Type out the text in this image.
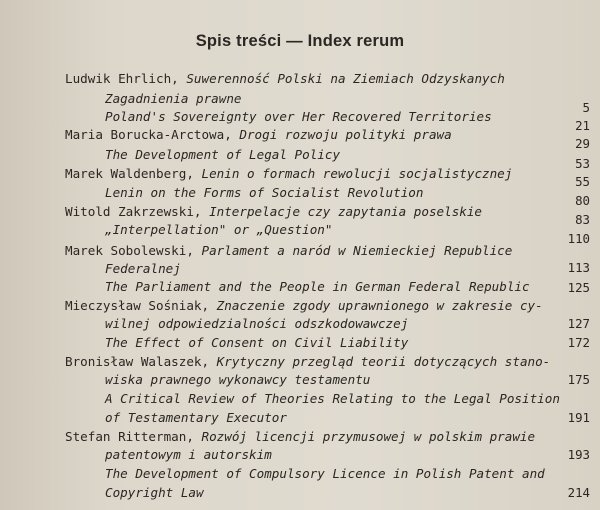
Spis treści — Index rerum
Ludwik Ehrlich, Suwerenność Polski na Ziemiach Odzyskanych
Zagadnienia prawne
Poland's Sovereignty over Her Recovered Territories
Maria Borucka-Arctowa, Drogi rozwoju polityki prawa
The Development of Legal Policy
Marek Waldenberg, Lenin o formach rewolucji socjalistycznej
Lenin on the Forms of Socialist Revolution
Witold Zakrzewski, Interpelacje czy zapytania poselskie
„Interpellation" or „Question"
Marek Sobolewski, Parlament a naród w Niemieckiej Republice
Federalnej
The Parliament and the People in German Federal Republic
Mieczysław Sośniak, Znaczenie zgody uprawnionego w zakresie cy-
wilnej odpowiedzialności odszkodowawczej
The Effect of Consent on Civil Liability
Bronisław Walaszek, Krytyczny przegląd teorii dotyczących stano-
wiska prawnego wykonawcy testamentu
A Critical Review of Theories Relating to the Legal Position
of Testamentary Executor
Stefan Ritterman, Rozwój licencji przymusowej w polskim prawie
patentowym i autorskim
The Development of Compulsory Licence in Polish Patent and
Copyright Law
5
21
29
53
55
80
83
110
113
125
127
172
175
191
193
214
